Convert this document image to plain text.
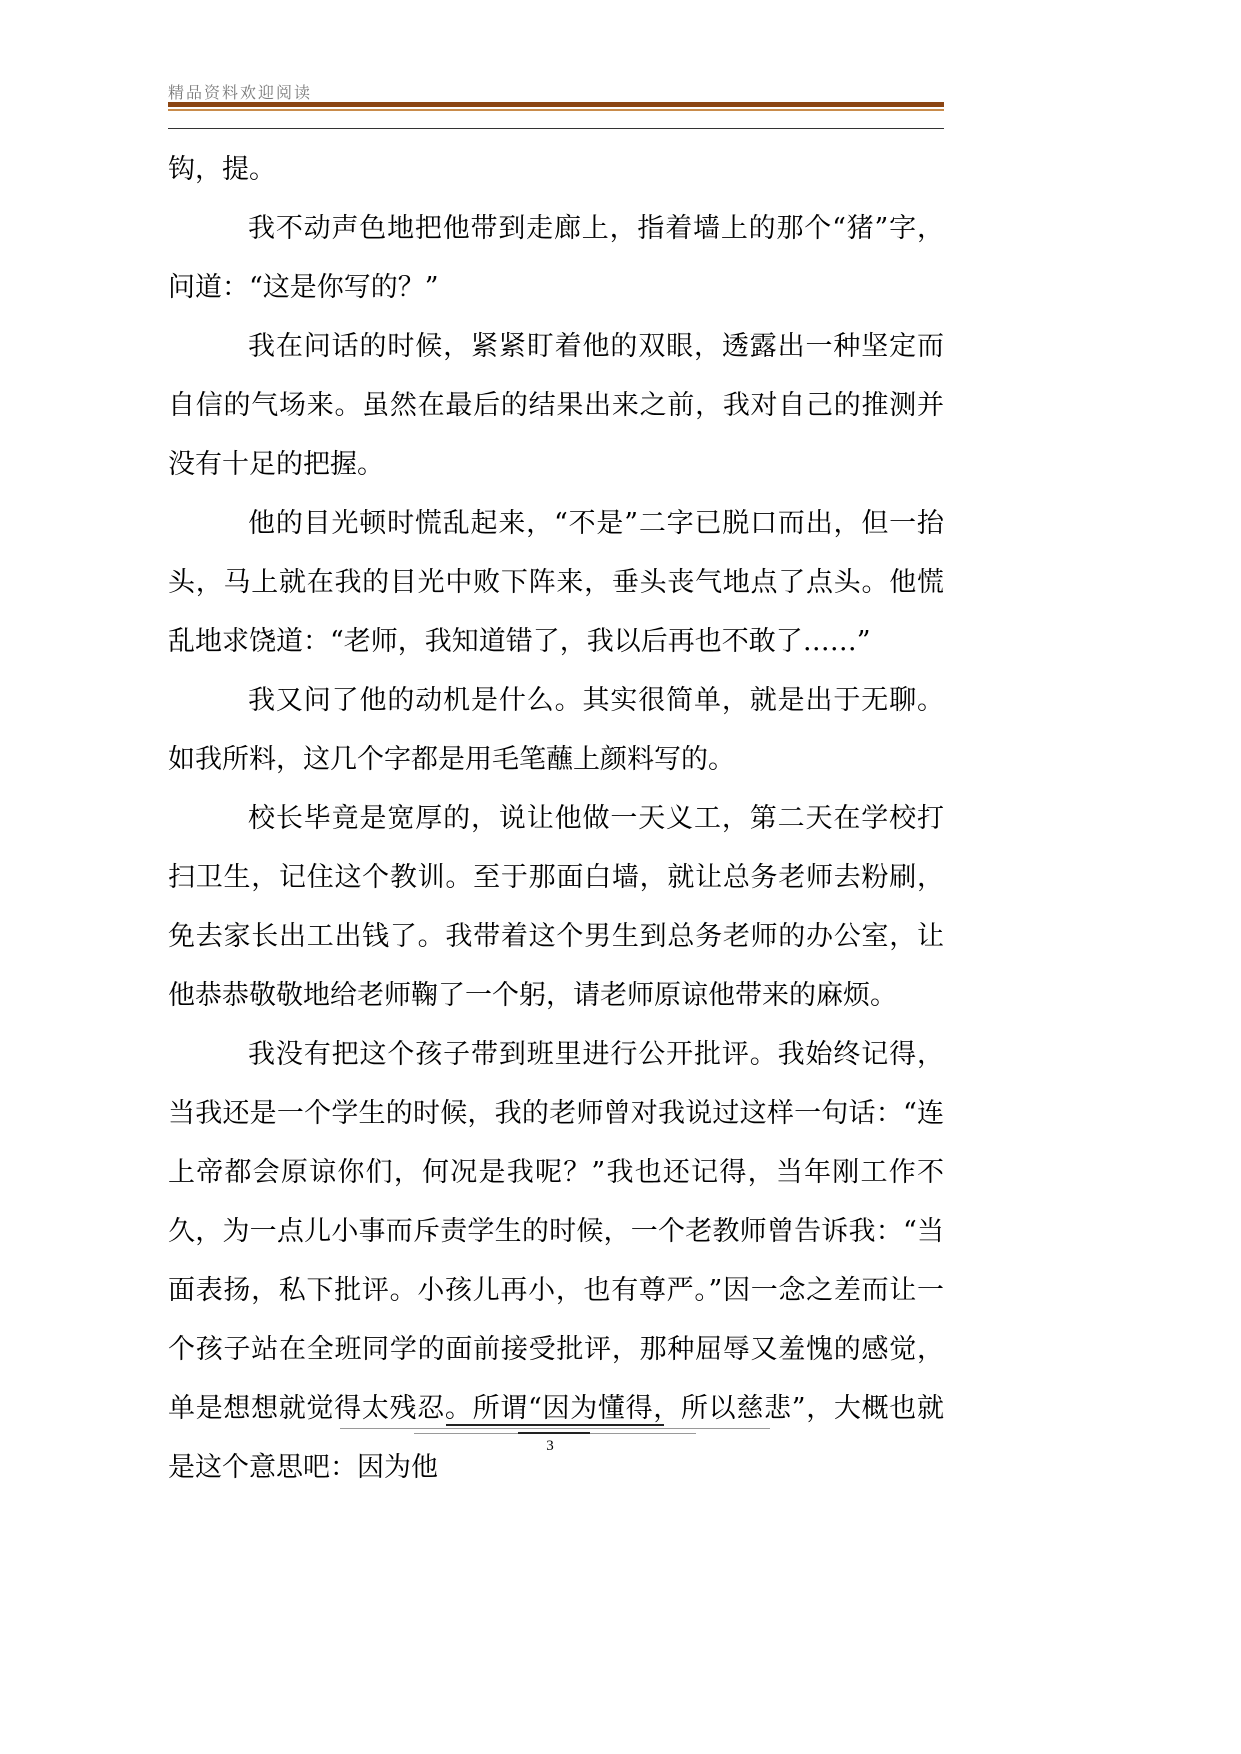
精品资料欢迎阅读

钩，提。

我不动声色地把他带到走廊上，指着墙上的那个“猪”字，问道：“这是你写的？”

我在问话的时候，紧紧盯着他的双眼，透露出一种坚定而自信的气场来。虽然在最后的结果出来之前，我对自己的推测并没有十足的把握。

他的目光顿时慌乱起来，“不是”二字已脱口而出，但一抬头，马上就在我的目光中败下阵来，垂头丧气地点了点头。他慌乱地求饶道：“老师，我知道错了，我以后再也不敢了……”

我又问了他的动机是什么。其实很简单，就是出于无聊。如我所料，这几个字都是用毛笔蘸上颜料写的。

校长毕竟是宽厚的，说让他做一天义工，第二天在学校打扫卫生，记住这个教训。至于那面白墙，就让总务老师去粉刷，免去家长出工出钱了。我带着这个男生到总务老师的办公室，让他恭恭敬敬地给老师鞠了一个躬，请老师原谅他带来的麻烦。

我没有把这个孩子带到班里进行公开批评。我始终记得，当我还是一个学生的时候，我的老师曾对我说过这样一句话：“连上帝都会原谅你们，何况是我呢？”我也还记得，当年刚工作不久，为一点儿小事而斥责学生的时候，一个老教师曾告诉我：“当面表扬，私下批评。小孩儿再小，也有尊严。”因一念之差而让一个孩子站在全班同学的面前接受批评，那种屈辱又羞愧的感觉，单是想想就觉得太残忍。所谓“因为懂得，所以慈悲”，大概也就是这个意思吧：因为他

3
